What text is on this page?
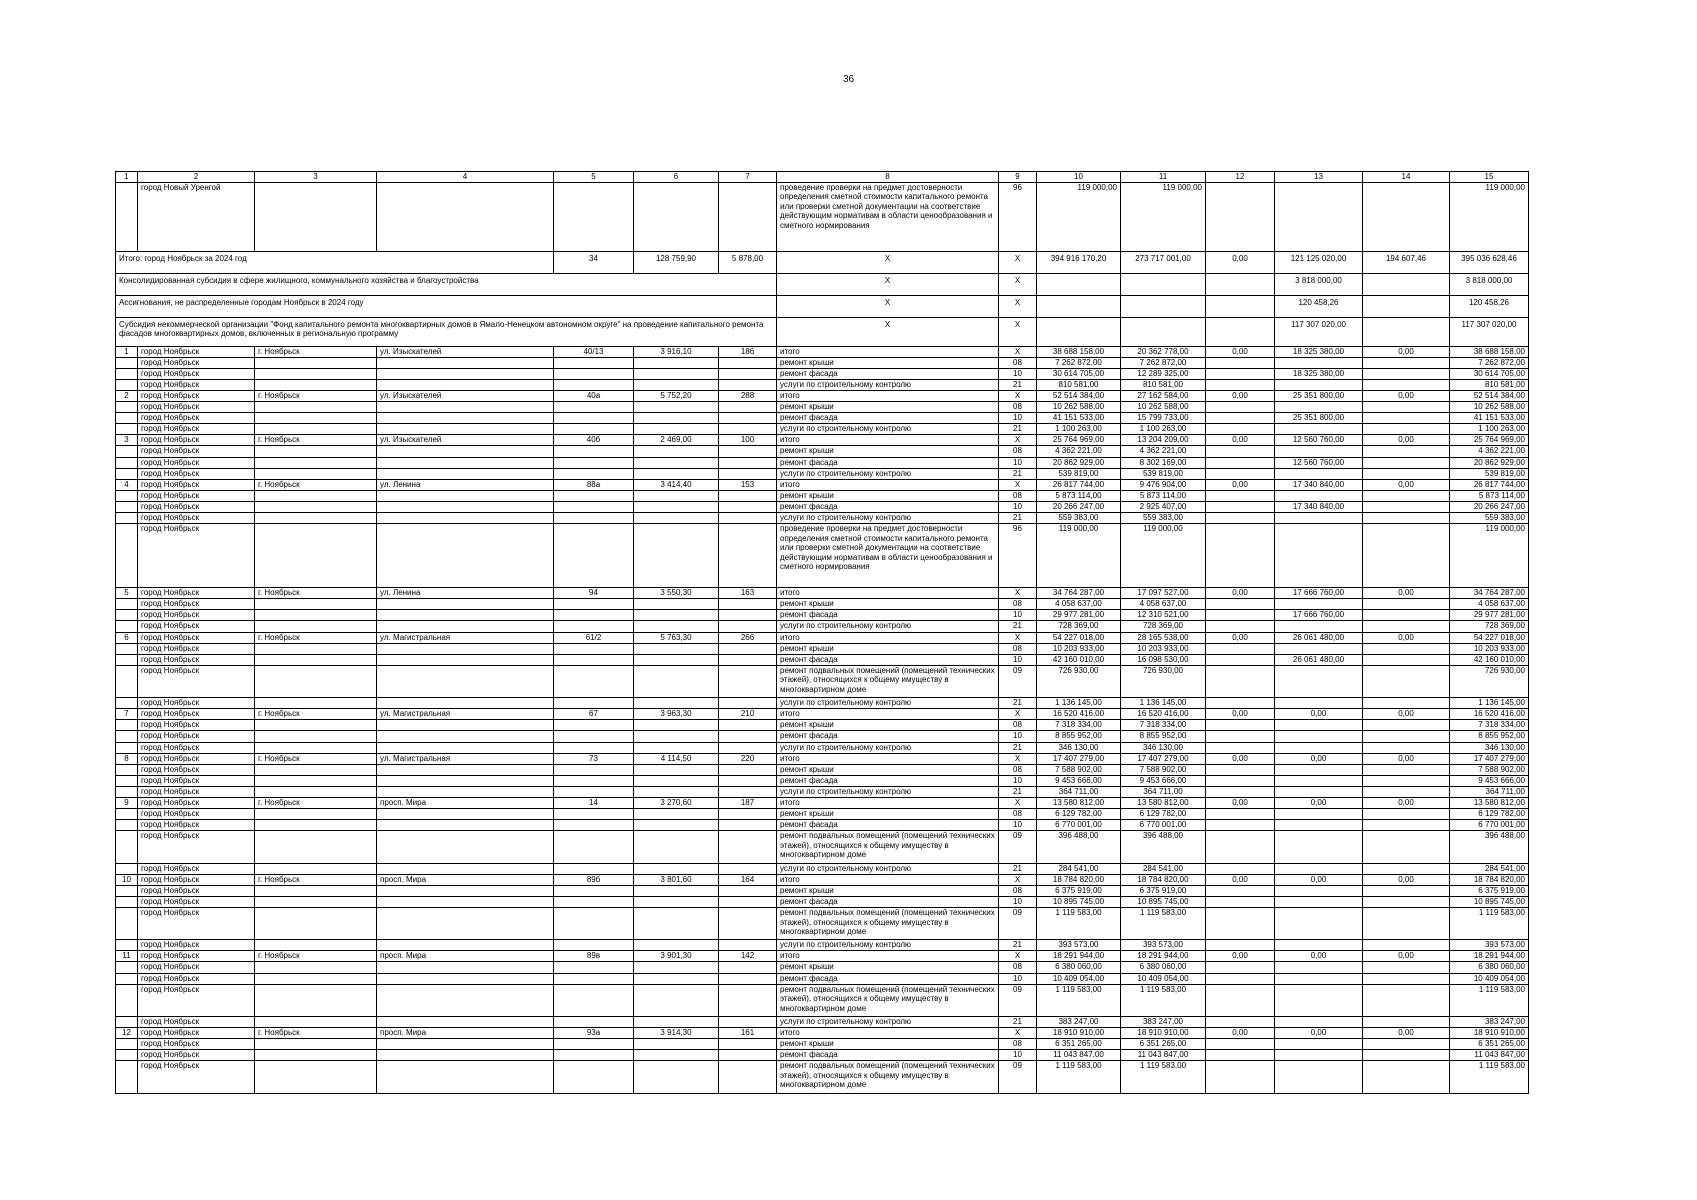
36
1	2	3	4	5	6	7	8	9	10	11	12	13	14	15
	город Новый Уренгой						проведение проверки на предмет достоверности определения сметной стоимости капитального ремонта или проверки сметной документации на соответствие действующим нормативам в области ценообразования и сметного нормирования	96	119 000,00	119 000,00				119 000,00
Итого: город Ноябрьск за 2024 год				34	128 759,90	5 878,00	X	X	394 916 170,20	273 717 001,00	0,00	121 125 020,00	194 607,46	395 036 628,46
Консолидированная субсидия в сфере жилищного, коммунального хозяйства и благоустройства							X	X				3 818 000,00		3 818 000,00
Ассигнования, не распределенные городам Ноябрьск в 2024 году							X	X				120 458,26		120 458,26
Субсидия некоммерческой организации "Фонд капитального ремонта многоквартирных домов в Ямало-Ненецком автономном округе" на проведение капитального ремонта фасадов многоквартирных домов, включенных в региональную программу							X	X				117 307 020,00		117 307 020,00
1	город Ноябрьск	г. Ноябрьск	ул. Изыскателей	40/13	3 916,10	186	итого	X	38 688 158,00	20 362 778,00	0,00	18 325 380,00	0,00	38 688 158,00
	город Ноябрьск						ремонт крыши	08	7 262 872,00	7 262 872,00				7 262 872,00
	город Ноябрьск						ремонт фасада	10	30 614 705,00	12 289 325,00		18 325 380,00		30 614 705,00
	город Ноябрьск						услуги по строительному контролю	21	810 581,00	810 581,00				810 581,00
2	город Ноябрьск	г. Ноябрьск	ул. Изыскателей	40а	5 752,20	288	итого	X	52 514 384,00	27 162 584,00	0,00	25 351 800,00	0,00	52 514 384,00
	город Ноябрьск						ремонт крыши	08	10 262 588,00	10 262 588,00				10 262 588,00
	город Ноябрьск						ремонт фасада	10	41 151 533,00	15 799 733,00		25 351 800,00		41 151 533,00
	город Ноябрьск						услуги по строительному контролю	21	1 100 263,00	1 100 263,00				1 100 263,00
3	город Ноябрьск	г. Ноябрьск	ул. Изыскателей	40б	2 469,00	100	итого	X	25 764 969,00	13 204 209,00	0,00	12 560 760,00	0,00	25 764 969,00
	город Ноябрьск						ремонт крыши	08	4 362 221,00	4 362 221,00				4 362 221,00
	город Ноябрьск						ремонт фасада	10	20 862 929,00	8 302 169,00		12 560 760,00		20 862 929,00
	город Ноябрьск						услуги по строительному контролю	21	539 819,00	539 819,00				539 819,00
4	город Ноябрьск	г. Ноябрьск	ул. Ленина	88а	3 414,40	153	итого	X	26 817 744,00	9 476 904,00	0,00	17 340 840,00	0,00	26 817 744,00
	город Ноябрьск						ремонт крыши	08	5 873 114,00	5 873 114,00				5 873 114,00
	город Ноябрьск						ремонт фасада	10	20 266 247,00	2 925 407,00		17 340 840,00		20 266 247,00
	город Ноябрьск						услуги по строительному контролю	21	559 383,00	559 383,00				559 383,00
	город Ноябрьск						проведение проверки на предмет достоверности определения сметной стоимости капитального ремонта или проверки сметной документации на соответствие действующим нормативам в области ценообразования и сметного нормирования	96	119 000,00	119 000,00				119 000,00
5	город Ноябрьск	г. Ноябрьск	ул. Ленина	94	3 550,30	163	итого	X	34 764 287,00	17 097 527,00	0,00	17 666 760,00	0,00	34 764 287,00
	город Ноябрьск						ремонт крыши	08	4 058 637,00	4 058 637,00				4 058 637,00
	город Ноябрьск						ремонт фасада	10	29 977 281,00	12 310 521,00		17 666 760,00		29 977 281,00
	город Ноябрьск						услуги по строительному контролю	21	728 369,00	728 369,00				728 369,00
6	город Ноябрьск	г. Ноябрьск	ул. Магистральная	61/2	5 763,30	266	итого	X	54 227 018,00	28 165 538,00	0,00	26 061 480,00	0,00	54 227 018,00
	город Ноябрьск						ремонт крыши	08	10 203 933,00	10 203 933,00				10 203 933,00
	город Ноябрьск						ремонт фасада	10	42 160 010,00	16 098 530,00		26 061 480,00		42 160 010,00
	город Ноябрьск						ремонт подвальных помещений (помещений технических этажей), относящихся к общему имуществу в многоквартирном доме	09	726 930,00	726 930,00				726 930,00
	город Ноябрьск						услуги по строительному контролю	21	1 136 145,00	1 136 145,00				1 136 145,00
7	город Ноябрьск	г. Ноябрьск	ул. Магистральная	67	3 963,30	210	итого	X	16 520 416,00	16 520 416,00	0,00	0,00	0,00	16 520 416,00
	город Ноябрьск						ремонт крыши	08	7 318 334,00	7 318 334,00				7 318 334,00
	город Ноябрьск						ремонт фасада	10	8 855 952,00	8 855 952,00				8 855 952,00
	город Ноябрьск						услуги по строительному контролю	21	346 130,00	346 130,00				346 130,00
8	город Ноябрьск	г. Ноябрьск	ул. Магистральная	73	4 114,50	220	итого	X	17 407 279,00	17 407 279,00	0,00	0,00	0,00	17 407 279,00
	город Ноябрьск						ремонт крыши	08	7 588 902,00	7 588 902,00				7 588 902,00
	город Ноябрьск						ремонт фасада	10	9 453 666,00	9 453 666,00				9 453 666,00
	город Ноябрьск						услуги по строительному контролю	21	364 711,00	364 711,00				364 711,00
9	город Ноябрьск	г. Ноябрьск	просп. Мира	14	3 270,60	187	итого	X	13 580 812,00	13 580 812,00	0,00	0,00	0,00	13 580 812,00
	город Ноябрьск						ремонт крыши	08	6 129 782,00	6 129 782,00				6 129 782,00
	город Ноябрьск						ремонт фасада	10	6 770 001,00	6 770 001,00				6 770 001,00
	город Ноябрьск						ремонт подвальных помещений (помещений технических этажей), относящихся к общему имуществу в многоквартирном доме	09	396 488,00	396 488,00				396 488,00
	город Ноябрьск						услуги по строительному контролю	21	284 541,00	284 541,00				284 541,00
10	город Ноябрьск	г. Ноябрьск	просп. Мира	89б	3 801,60	164	итого	X	18 784 820,00	18 784 820,00	0,00	0,00	0,00	18 784 820,00
	город Ноябрьск						ремонт крыши	08	6 375 919,00	6 375 919,00				6 375 919,00
	город Ноябрьск						ремонт фасада	10	10 895 745,00	10 895 745,00				10 895 745,00
	город Ноябрьск						ремонт подвальных помещений (помещений технических этажей), относящихся к общему имуществу в многоквартирном доме	09	1 119 583,00	1 119 583,00				1 119 583,00
	город Ноябрьск						услуги по строительному контролю	21	393 573,00	393 573,00				393 573,00
11	город Ноябрьск	г. Ноябрьск	просп. Мира	89в	3 901,30	142	итого	X	18 291 944,00	18 291 944,00	0,00	0,00	0,00	18 291 944,00
	город Ноябрьск						ремонт крыши	08	6 380 060,00	6 380 060,00				6 380 060,00
	город Ноябрьск						ремонт фасада	10	10 409 054,00	10 409 054,00				10 409 054,00
	город Ноябрьск						ремонт подвальных помещений (помещений технических этажей), относящихся к общему имуществу в многоквартирном доме	09	1 119 583,00	1 119 583,00				1 119 583,00
	город Ноябрьск						услуги по строительному контролю	21	383 247,00	383 247,00				383 247,00
12	город Ноябрьск	г. Ноябрьск	просп. Мира	93а	3 914,30	161	итого	X	18 910 910,00	18 910 910,00	0,00	0,00	0,00	18 910 910,00
	город Ноябрьск						ремонт крыши	08	6 351 265,00	6 351 265,00				6 351 265,00
	город Ноябрьск						ремонт фасада	10	11 043 847,00	11 043 847,00				11 043 847,00
	город Ноябрьск						ремонт подвальных помещений (помещений технических этажей), относящихся к общему имуществу в многоквартирном доме	09	1 119 583,00	1 119 583,00				1 119 583,00
